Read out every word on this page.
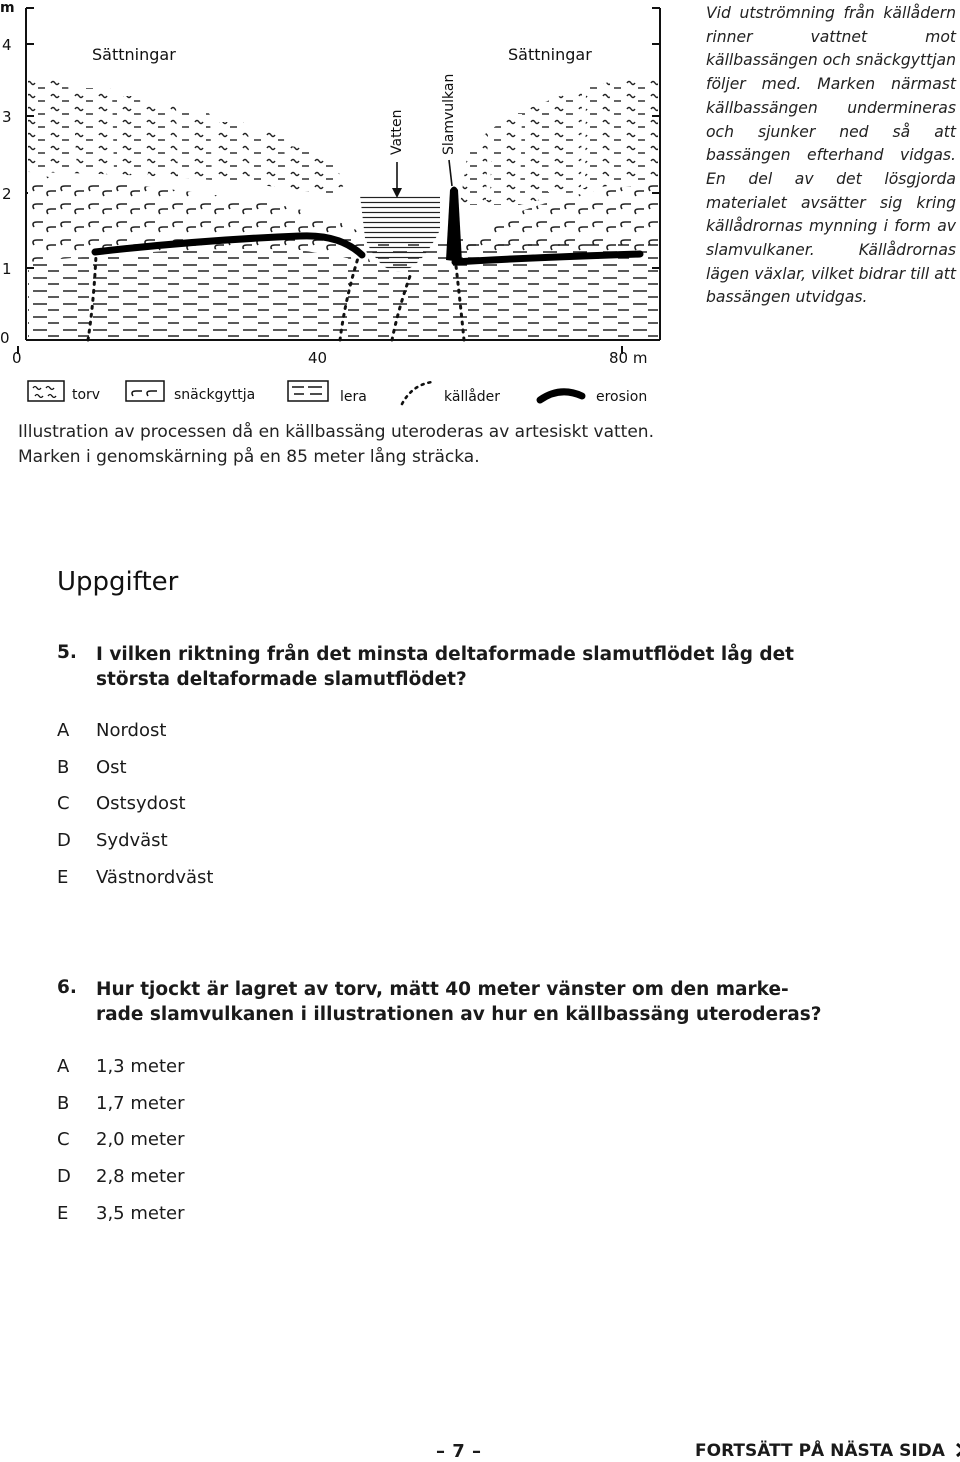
m
4
3
2
1
0
0	40	80 m
Sättningar	Sättningar
Vatten	Slamvulkan
torv	snäckgyttja	lera	källåder	erosion

Vid utströmning från källådern rinner vattnet mot källbassängen och snäckgyttjan följer med. Marken närmast källbassängen undermineras och sjunker ned så att bassängen efterhand vidgas. En del av det lösgjorda materialet avsätter sig kring källådrornas mynning i form av slamvulkaner. Källådrornas lägen växlar, vilket bidrar till att bassängen utvidgas.

Illustration av processen då en källbassäng uteroderas av artesiskt vatten.
Marken i genomskärning på en 85 meter lång sträcka.
Uppgifter
5. I vilken riktning från det minsta deltaformade slamutflödet låg det
största deltaformade slamutflödet?
A Nordost
B Ost
C Ostsydost
D Sydväst
E Västnordväst
6. Hur tjockt är lagret av torv, mätt 40 meter vänster om den marke-
rade slamvulkanen i illustrationen av hur en källbassäng uteroderas?
A 1,3 meter
B 1,7 meter
C 2,0 meter
D 2,8 meter
E 3,5 meter
– 7 –	FORTSÄTT PÅ NÄSTA SIDA
